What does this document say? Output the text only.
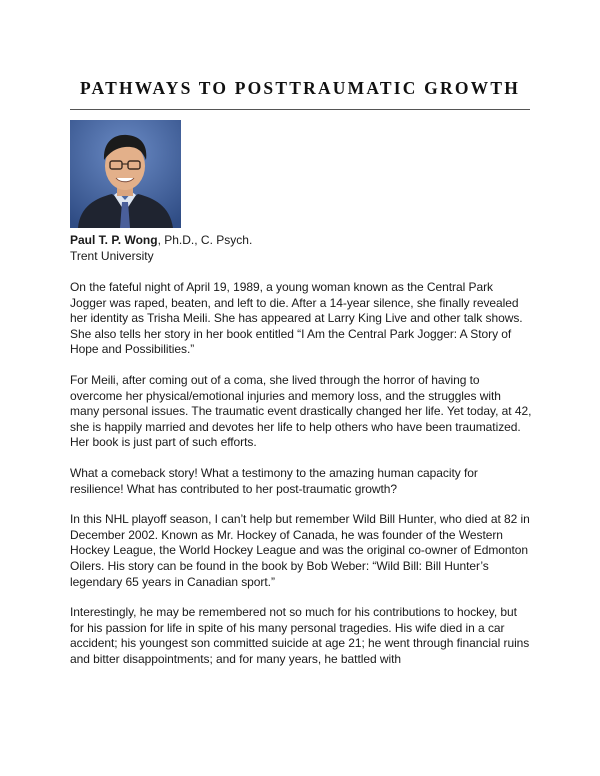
PATHWAYS TO POSTTRAUMATIC GROWTH
Paul T. P. Wong, Ph.D., C. Psych.
Trent University

On the fateful night of April 19, 1989, a young woman known as the Central Park Jogger was raped, beaten, and left to die. After a 14-year silence, she finally revealed her identity as Trisha Meili. She has appeared at Larry King Live and other talk shows. She also tells her story in her book entitled “I Am the Central Park Jogger: A Story of Hope and Possibilities.”

For Meili, after coming out of a coma, she lived through the horror of having to overcome her physical/emotional injuries and memory loss, and the struggles with many personal issues. The traumatic event drastically changed her life. Yet today, at 42, she is happily married and devotes her life to help others who have been traumatized. Her book is just part of such efforts.

What a comeback story! What a testimony to the amazing human capacity for resilience! What has contributed to her post-traumatic growth?

In this NHL playoff season, I can’t help but remember Wild Bill Hunter, who died at 82 in December 2002. Known as Mr. Hockey of Canada, he was founder of the Western Hockey League, the World Hockey League and was the original co-owner of Edmonton Oilers. His story can be found in the book by Bob Weber: “Wild Bill: Bill Hunter’s legendary 65 years in Canadian sport.”

Interestingly, he may be remembered not so much for his contributions to hockey, but for his passion for life in spite of his many personal tragedies. His wife died in a car accident; his youngest son committed suicide at age 21; he went through financial ruins and bitter disappointments; and for many years, he battled with
